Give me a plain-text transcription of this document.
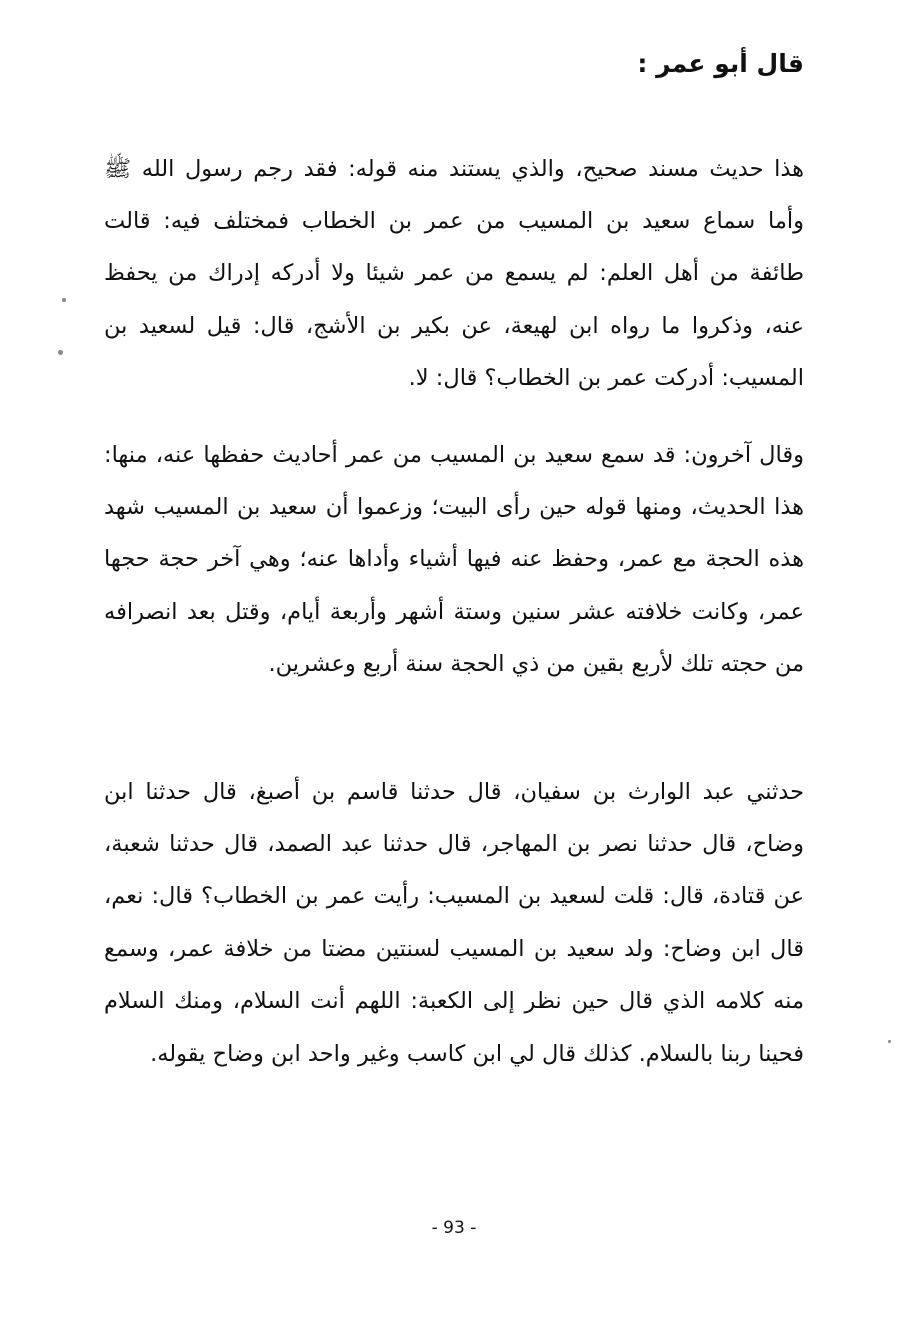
قال أبو عمر :

هذا حديث مسند صحيح، والذي يستند منه قوله: فقد رجم رسول الله ﷺ وأما سماع سعيد بن المسيب من عمر بن الخطاب فمختلف فيه: قالت طائفة من أهل العلم: لم يسمع من عمر شيئا ولا أدركه إدراك من يحفظ عنه، وذكروا ما رواه ابن لهيعة، عن بكير بن الأشج، قال: قيل لسعيد بن المسيب: أدركت عمر بن الخطاب؟ قال: لا.

وقال آخرون: قد سمع سعيد بن المسيب من عمر أحاديث حفظها عنه، منها: هذا الحديث، ومنها قوله حين رأى البيت؛ وزعموا أن سعيد بن المسيب شهد هذه الحجة مع عمر، وحفظ عنه فيها أشياء وأداها عنه؛ وهي آخر حجة حجها عمر، وكانت خلافته عشر سنين وستة أشهر وأربعة أيام، وقتل بعد انصرافه من حجته تلك لأربع بقين من ذي الحجة سنة أربع وعشرين.

حدثني عبد الوارث بن سفيان، قال حدثنا قاسم بن أصبغ، قال حدثنا ابن وضاح، قال حدثنا نصر بن المهاجر، قال حدثنا عبد الصمد، قال حدثنا شعبة، عن قتادة، قال: قلت لسعيد بن المسيب: رأيت عمر بن الخطاب؟ قال: نعم، قال ابن وضاح: ولد سعيد بن المسيب لسنتين مضتا من خلافة عمر، وسمع منه كلامه الذي قال حين نظر إلى الكعبة: اللهم أنت السلام، ومنك السلام فحينا ربنا بالسلام. كذلك قال لي ابن كاسب وغير واحد ابن وضاح يقوله.

- 93 -
